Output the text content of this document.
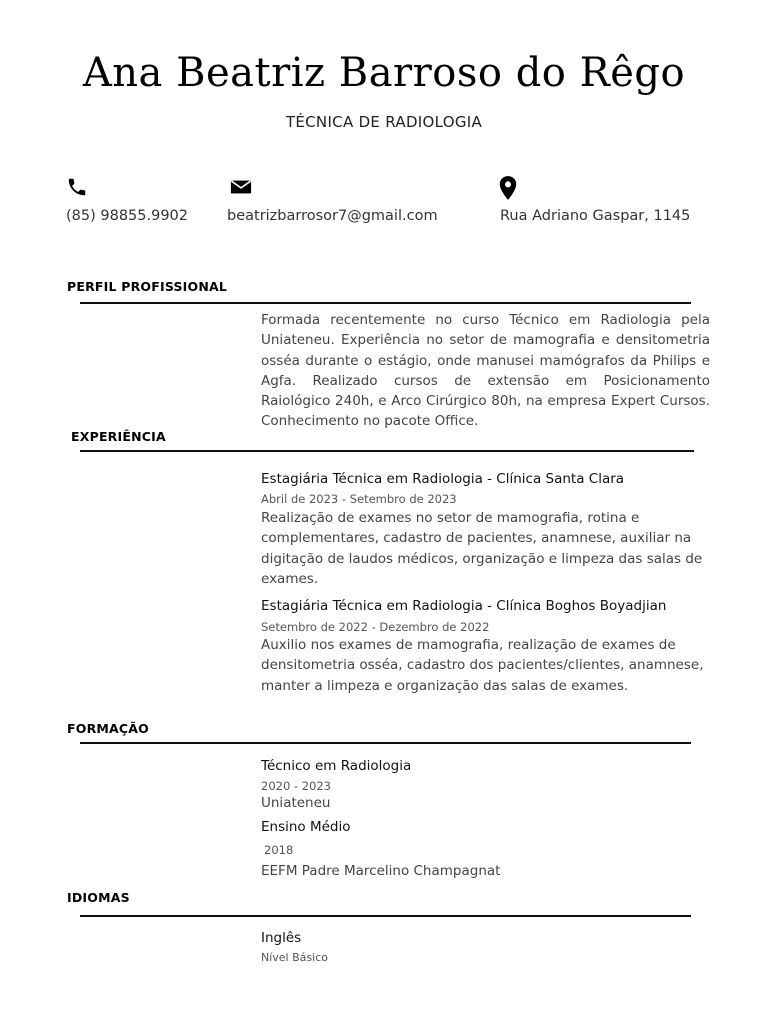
Ana Beatriz Barroso do Rêgo
TÉCNICA DE RADIOLOGIA
(85) 98855.9902	beatrizbarrosor7@gmail.com	Rua Adriano Gaspar, 1145
PERFIL PROFISSIONAL
Formada recentemente no curso Técnico em Radiologia pela Uniateneu. Experiência no setor de mamografia e densitometria osséa durante o estágio, onde manusei mamógrafos da Philips e Agfa. Realizado cursos de extensão em Posicionamento Raiológico 240h, e Arco Cirúrgico 80h, na empresa Expert Cursos. Conhecimento no pacote Office.
EXPERIÊNCIA
Estagiária Técnica em Radiologia - Clínica Santa Clara
Abril de 2023 - Setembro de 2023
Realização de exames no setor de mamografia, rotina e complementares, cadastro de pacientes, anamnese, auxiliar na digitação de laudos médicos, organização e limpeza das salas de exames.
Estagiária Técnica em Radiologia - Clínica Boghos Boyadjian
Setembro de 2022 - Dezembro de 2022
Auxilio nos exames de mamografia, realização de exames de densitometria osséa, cadastro dos pacientes/clientes, anamnese, manter a limpeza e organização das salas de exames.
FORMAÇÃO
Técnico em Radiologia
2020 - 2023
Uniateneu
Ensino Médio
2018
EEFM Padre Marcelino Champagnat
IDIOMAS
Inglês
Nível Básico
